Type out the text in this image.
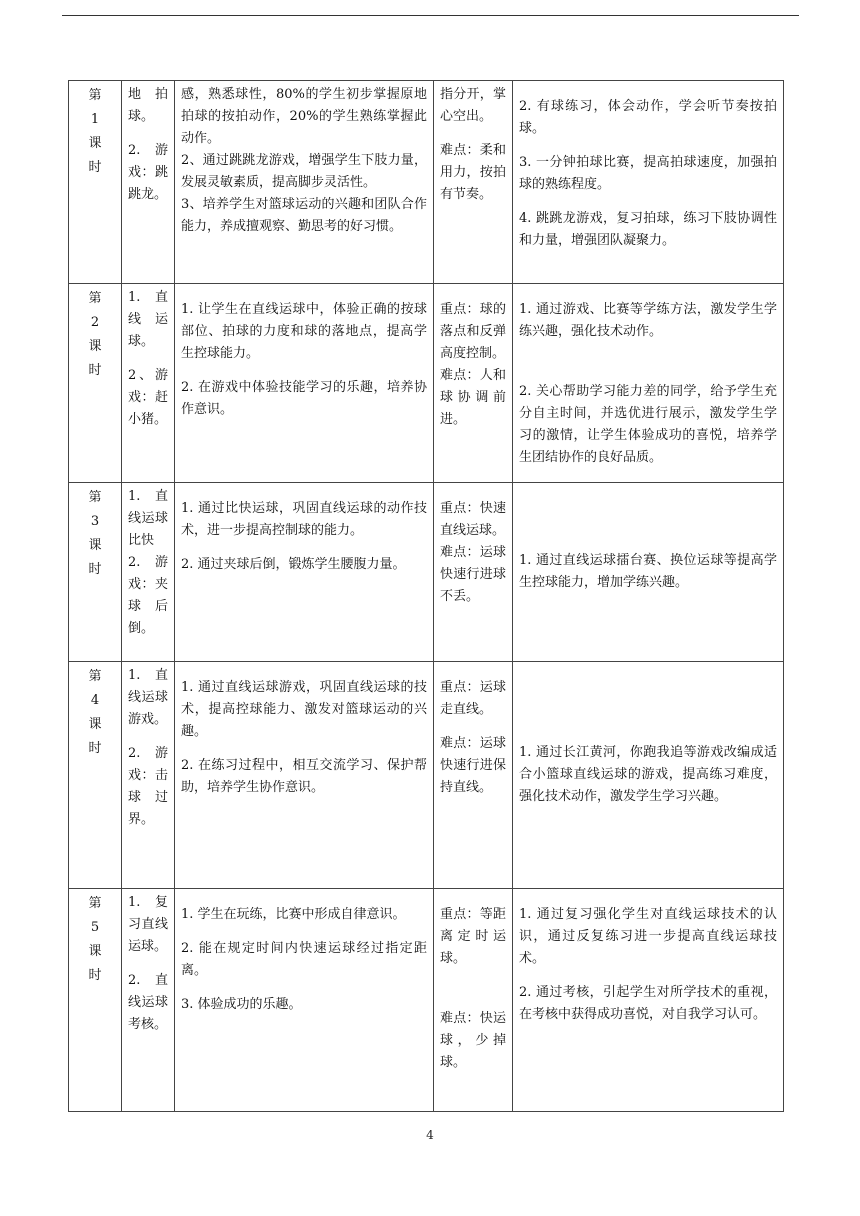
第
1
课
时	地拍球。
2. 游戏：跳跳龙。	感，熟悉球性，80%的学生初步掌握原地拍球的按拍动作，20%的学生熟练掌握此动作。
2、通过跳跳龙游戏，增强学生下肢力量，发展灵敏素质，提高脚步灵活性。
3、培养学生对篮球运动的兴趣和团队合作能力，养成擅观察、勤思考的好习惯。	指分开，掌心空出。
难点：柔和用力，按拍有节奏。	2. 有球练习，体会动作，学会听节奏按拍球。
3. 一分钟拍球比赛，提高拍球速度，加强拍球的熟练程度。
4. 跳跳龙游戏，复习拍球，练习下肢协调性和力量，增强团队凝聚力。

第
2
课
时	1. 直线运球。
2、游戏：赶小猪。	1. 让学生在直线运球中，体验正确的按球部位、拍球的力度和球的落地点，提高学生控球能力。
2. 在游戏中体验技能学习的乐趣，培养协作意识。	重点：球的落点和反弹高度控制。
难点：人和球协调前进。	1. 通过游戏、比赛等学练方法，激发学生学练兴趣，强化技术动作。
2. 关心帮助学习能力差的同学，给予学生充分自主时间，并选优进行展示，激发学生学习的激情，让学生体验成功的喜悦，培养学生团结协作的良好品质。

第
3
课
时	1. 直线运球比快
2. 游戏：夹球后倒。	1. 通过比快运球，巩固直线运球的动作技术，进一步提高控制球的能力。
2. 通过夹球后倒，锻炼学生腰腹力量。	重点：快速直线运球。
难点：运球快速行进球不丢。	1. 通过直线运球擂台赛、换位运球等提高学生控球能力，增加学练兴趣。

第
4
课
时	1. 直线运球游戏。
2. 游戏：击球过界。	1. 通过直线运球游戏，巩固直线运球的技术，提高控球能力、激发对篮球运动的兴趣。
2. 在练习过程中，相互交流学习、保护帮助，培养学生协作意识。	重点：运球走直线。
难点：运球快速行进保持直线。	1. 通过长江黄河，你跑我追等游戏改编成适合小篮球直线运球的游戏，提高练习难度，强化技术动作，激发学生学习兴趣。

第
5
课
时	1. 复习直线运球。
2. 直线运球考核。	1. 学生在玩练，比赛中形成自律意识。
2. 能在规定时间内快速运球经过指定距离。
3. 体验成功的乐趣。	重点：等距离定时运球。
难点：快运球，少掉球。	1. 通过复习强化学生对直线运球技术的认识，通过反复练习进一步提高直线运球技术。
2. 通过考核，引起学生对所学技术的重视，在考核中获得成功喜悦，对自我学习认可。
4
